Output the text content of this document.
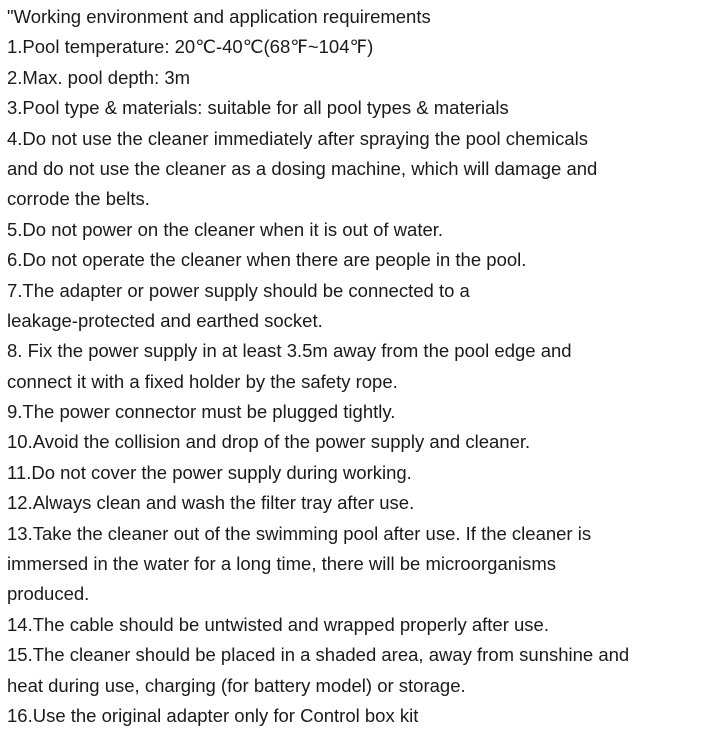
"Working environment and application requirements
1.Pool temperature: 20℃-40℃(68℉~104℉)
2.Max. pool depth: 3m
3.Pool type & materials: suitable for all pool types & materials
4.Do not use the cleaner immediately after spraying the pool chemicals
and do not use the cleaner as a dosing machine, which will damage and
corrode the belts.
5.Do not power on the cleaner when it is out of water.
6.Do not operate the cleaner when there are people in the pool.
7.The adapter or power supply should be connected to a
leakage-protected and earthed socket.
8. Fix the power supply in at least 3.5m away from the pool edge and
connect it with a fixed holder by the safety rope.
9.The power connector must be plugged tightly.
10.Avoid the collision and drop of the power supply and cleaner.
11.Do not cover the power supply during working.
12.Always clean and wash the filter tray after use.
13.Take the cleaner out of the swimming pool after use. If the cleaner is
immersed in the water for a long time, there will be microorganisms
produced.
14.The cable should be untwisted and wrapped properly after use.
15.The cleaner should be placed in a shaded area, away from sunshine and
heat during use, charging (for battery model) or storage.
16.Use the original adapter only for Control box kit
